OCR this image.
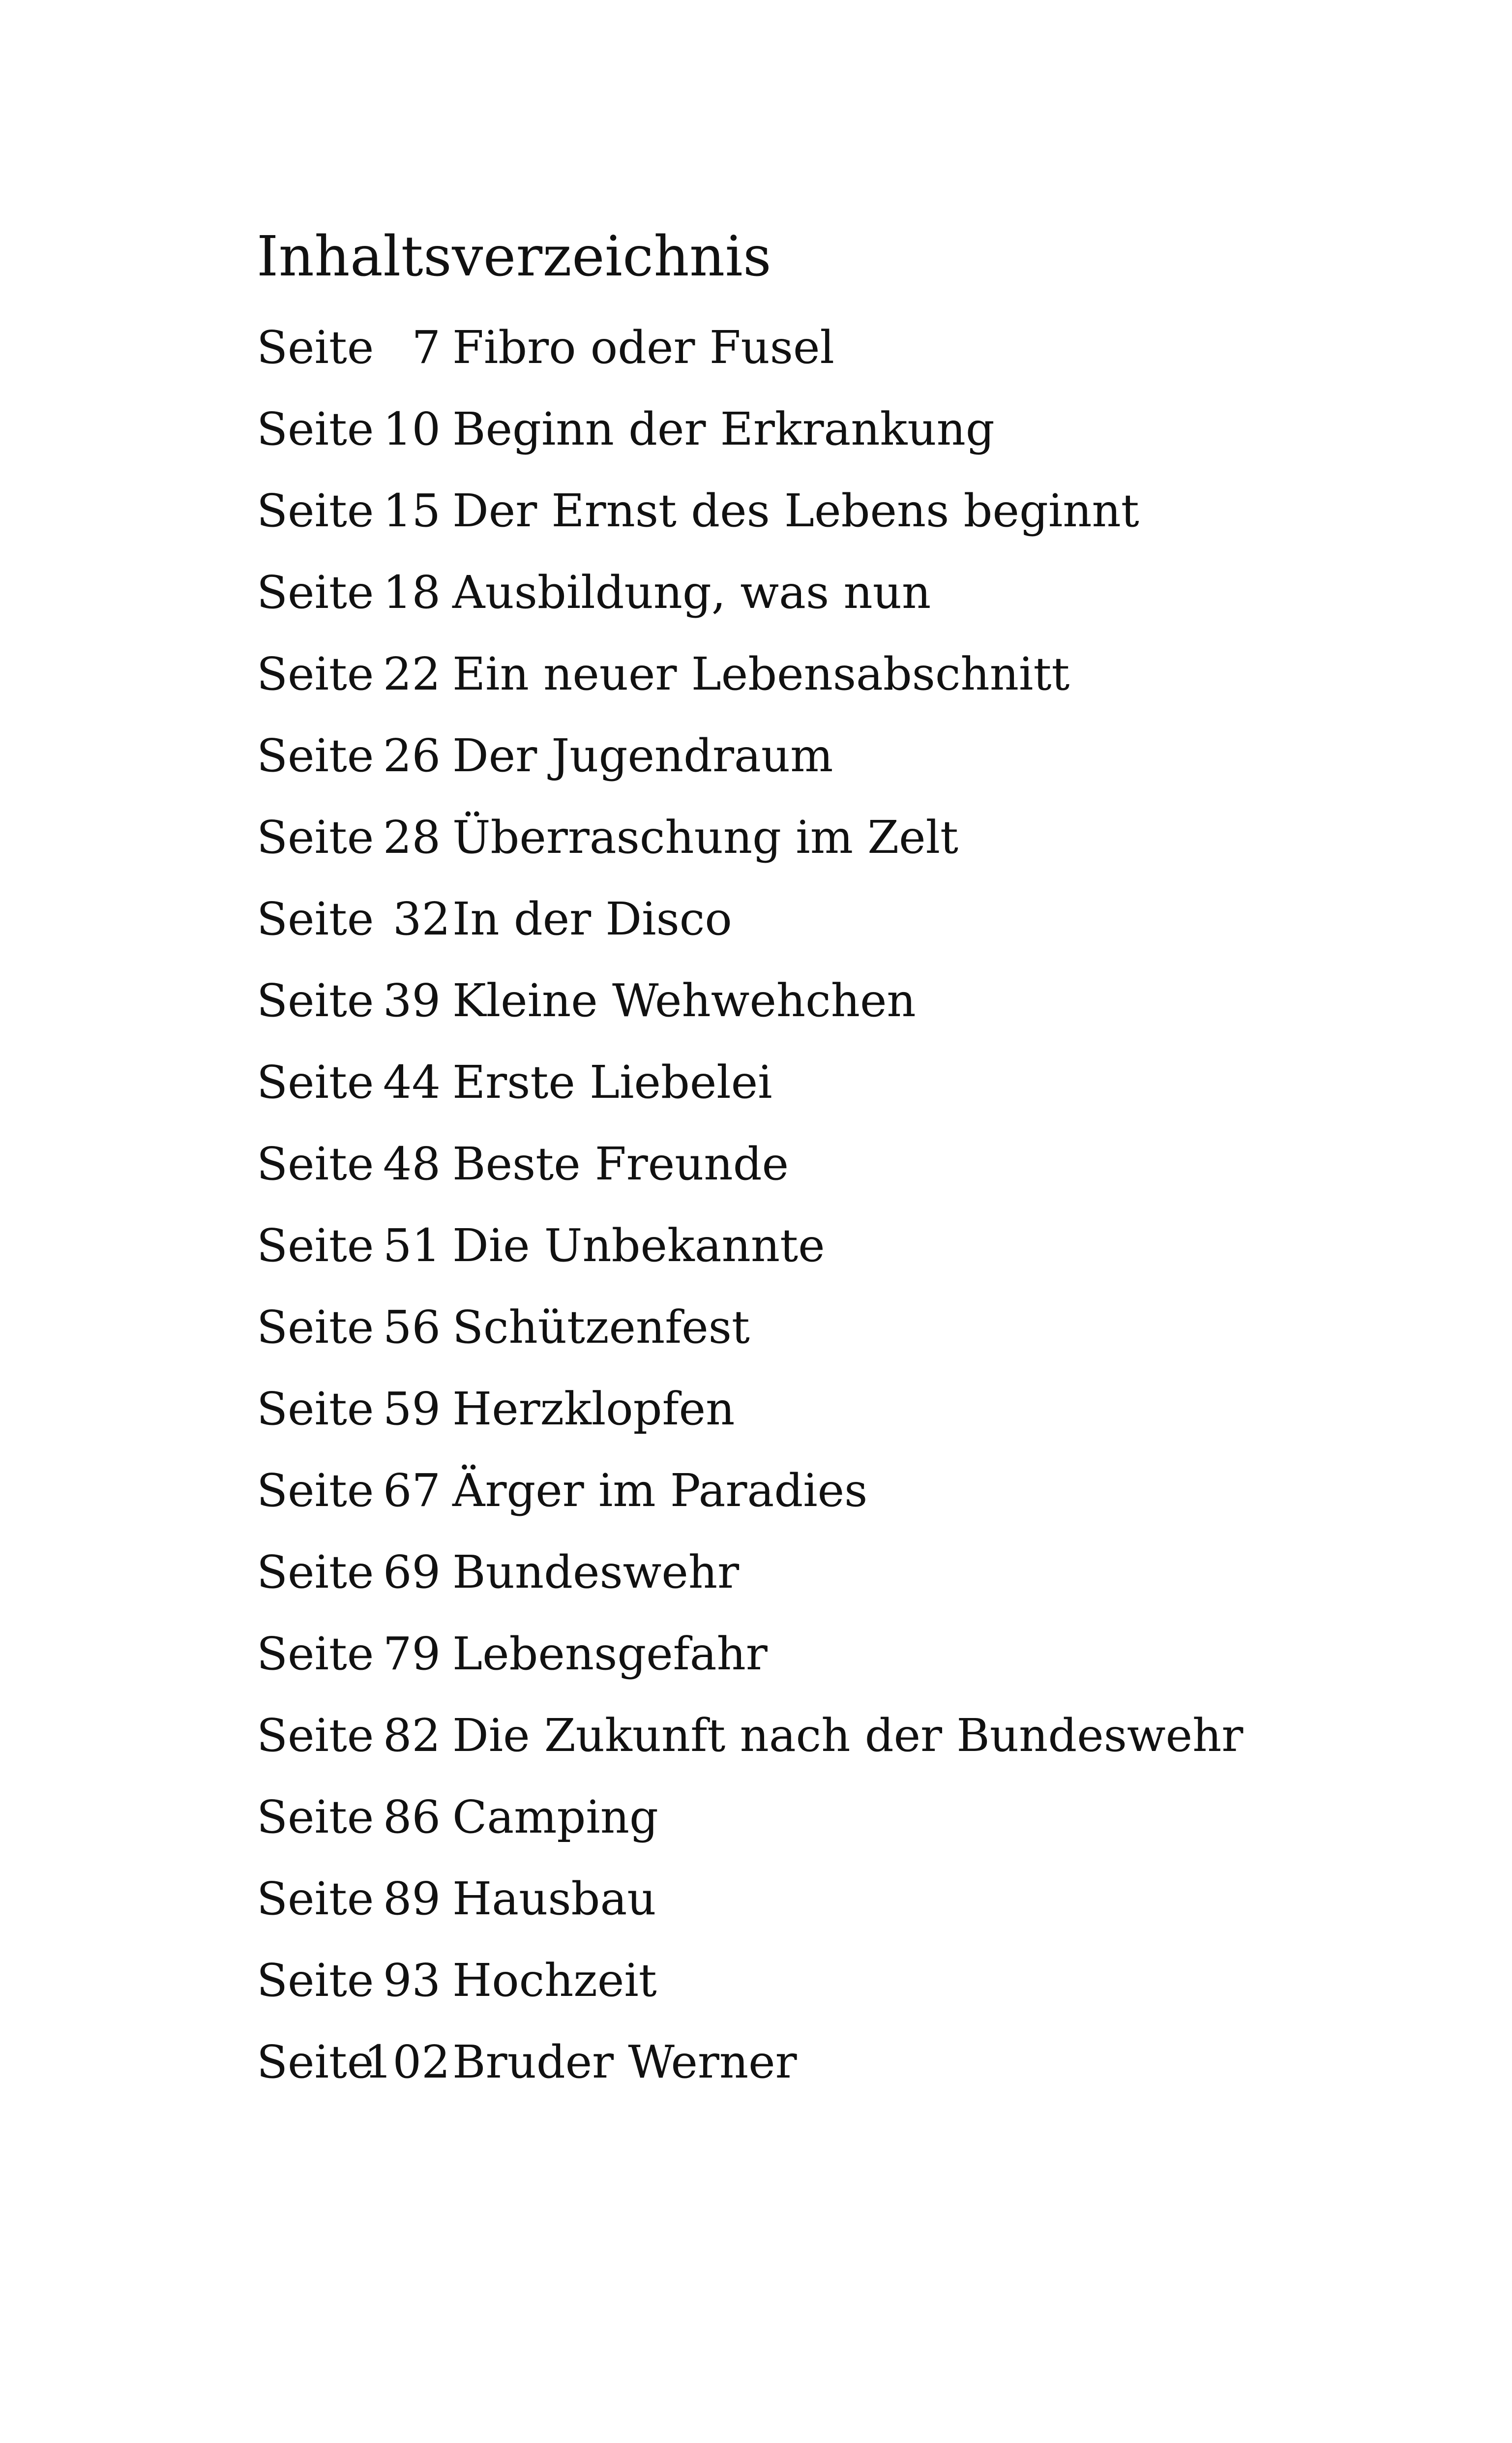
Inhaltsverzeichnis
Seite 7 Fibro oder Fusel
Seite 10 Beginn der Erkrankung
Seite 15 Der Ernst des Lebens beginnt
Seite 18 Ausbildung, was nun
Seite 22 Ein neuer Lebensabschnitt
Seite 26 Der Jugendraum
Seite 28 Überraschung im Zelt
Seite 32In der Disco
Seite 39 Kleine Wehwehchen
Seite 44 Erste Liebelei
Seite 48 Beste Freunde
Seite 51 Die Unbekannte
Seite 56 Schützenfest
Seite 59 Herzklopfen
Seite 67 Ärger im Paradies
Seite 69 Bundeswehr
Seite 79 Lebensgefahr
Seite 82 Die Zukunft nach der Bundeswehr
Seite 86 Camping
Seite 89 Hausbau
Seite 93 Hochzeit
Seite102Bruder Werner
